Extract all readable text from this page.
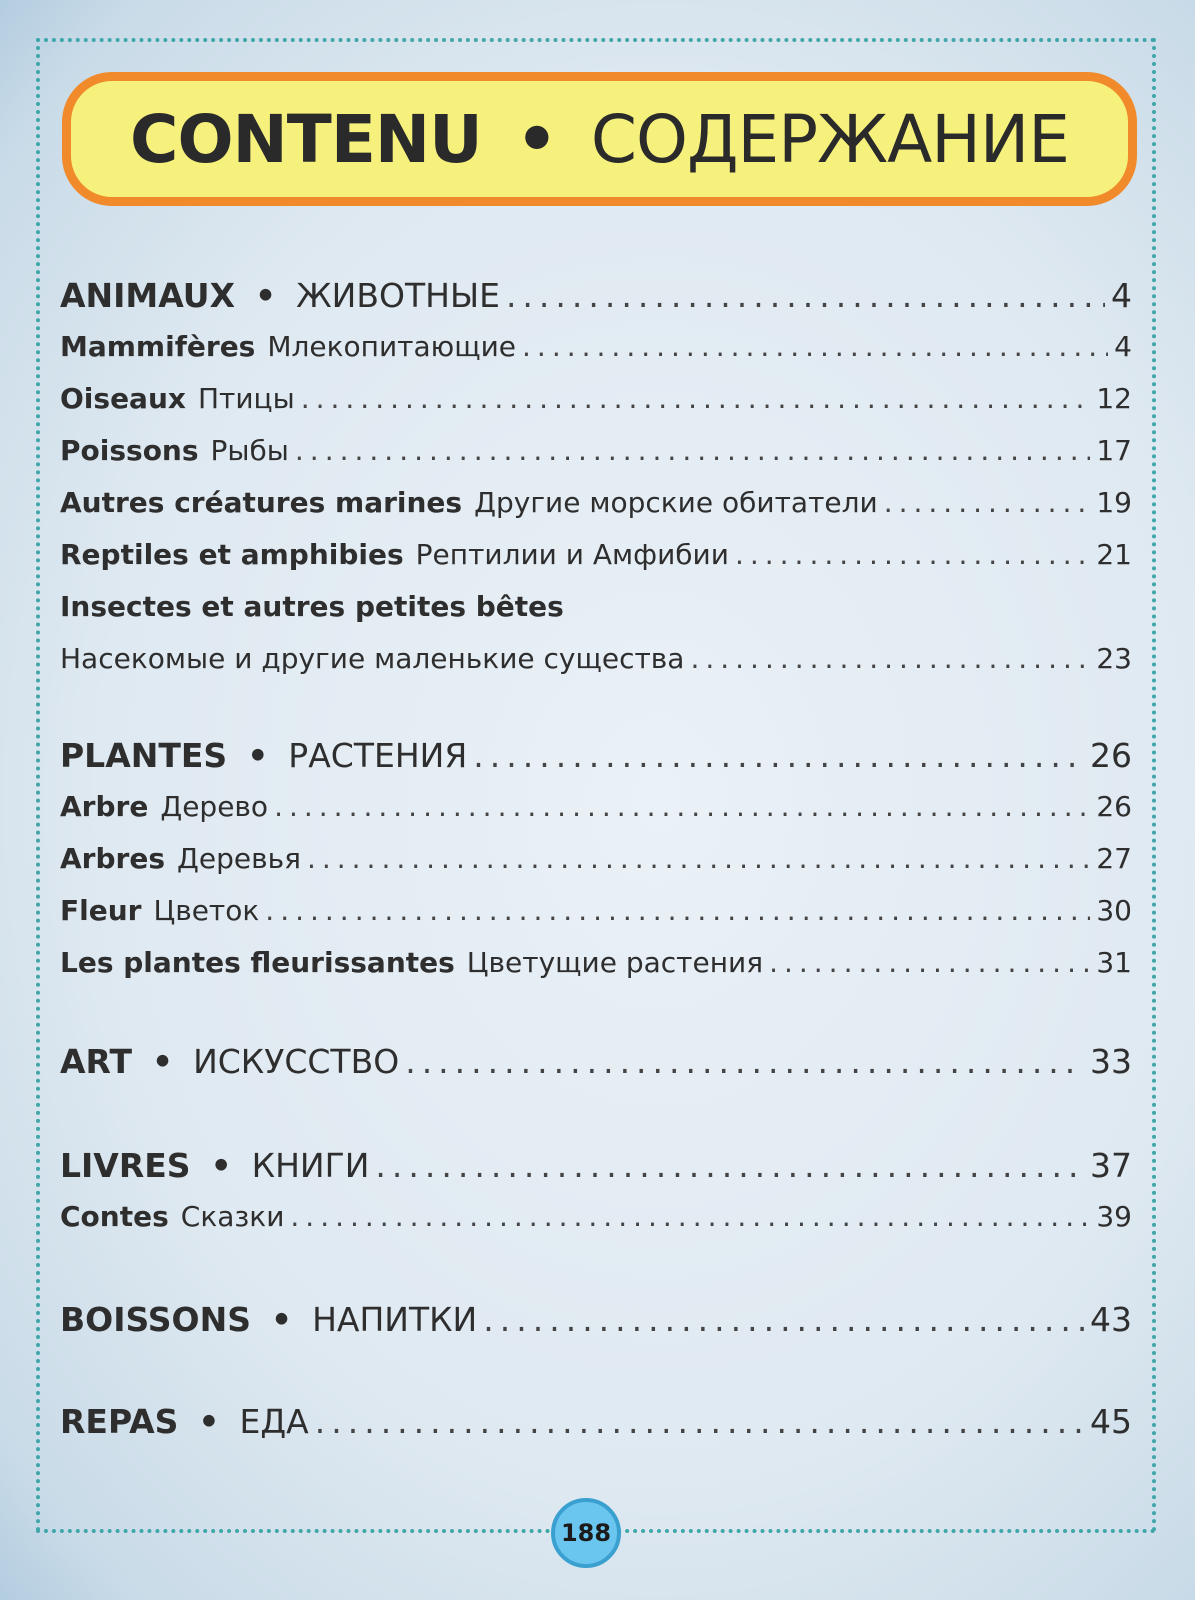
CONTENU • СОДЕРЖАНИЕ
ANIMAUX • ЖИВОТНЫЕ .....	4
Mammifères Млекопитающие .....	4
Oiseaux Птицы .....	12
Poissons Рыбы .....	17
Autres créatures marines Другие морские обитатели .....	19
Reptiles et amphibies Рептилии и Амфибии .....	21
Insectes et autres petites bêtes
Насекомые и другие маленькие существа .....	23
PLANTES • РАСТЕНИЯ .....	26
Arbre Дерево .....	26
Arbres Деревья .....	27
Fleur Цветок .....	30
Les plantes fleurissantes Цветущие растения .....	31
ART • ИСКУССТВО .....	33
LIVRES • КНИГИ .....	37
Contes Сказки .....	39
BOISSONS • НАПИТКИ .....	43
REPAS • ЕДА .....	45
188
